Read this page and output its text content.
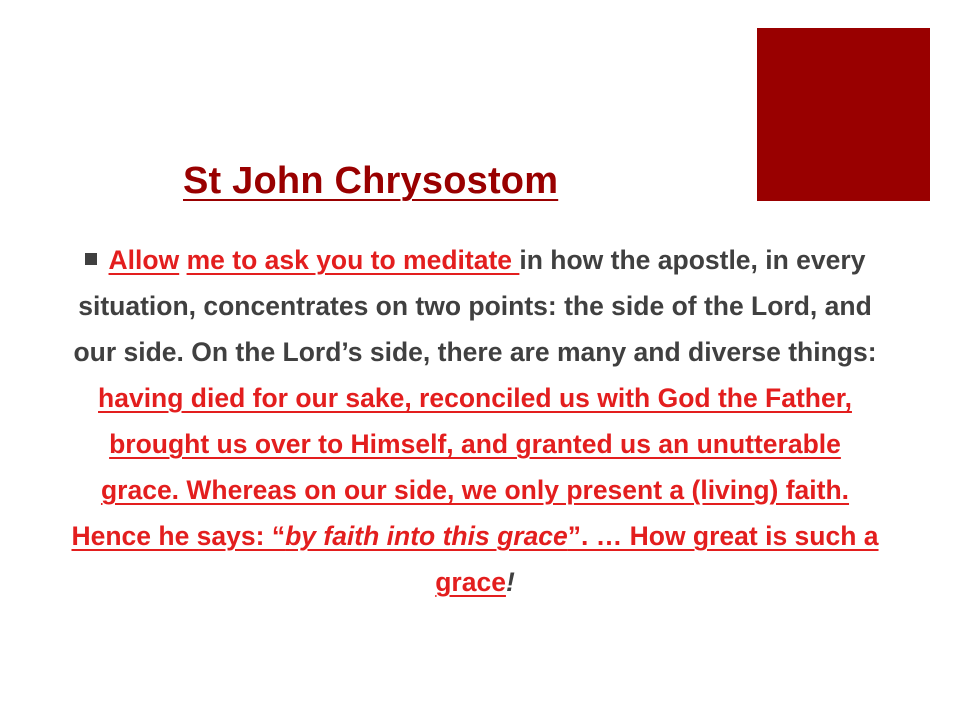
St John Chrysostom

Allow me to ask you to meditate in how the apostle, in every situation, concentrates on two points: the side of the Lord, and our side. On the Lord’s side, there are many and diverse things: having died for our sake, reconciled us with God the Father, brought us over to Himself, and granted us an unutterable grace. Whereas on our side, we only present a (living) faith. Hence he says: “by faith into this grace”. … How great is such a grace!
